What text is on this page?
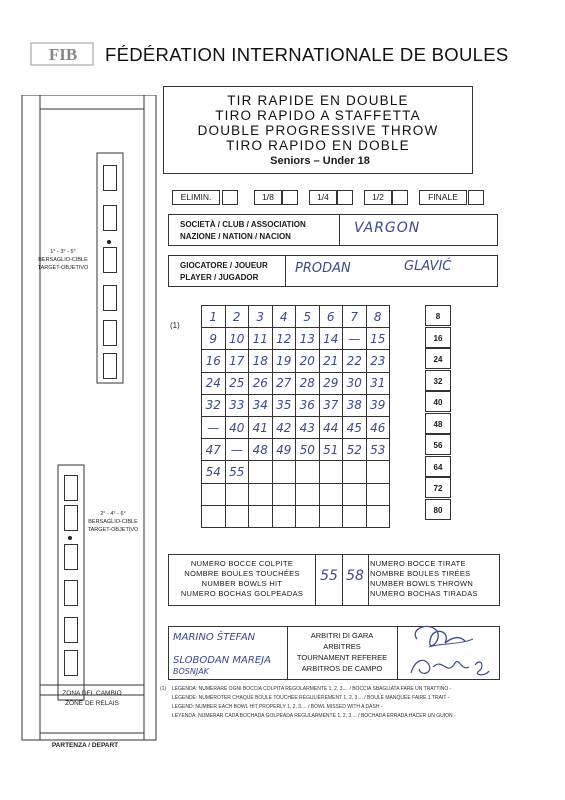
FIB FÉDÉRATION INTERNATIONALE DE BOULES
TIR RAPIDE EN DOUBLE
TIRO RAPIDO A STAFFETTA
DOUBLE PROGRESSIVE THROW
TIRO RAPIDO EN DOBLE
Seniors – Under 18
ELIMIN.	1/8	1/4	1/2	FINALE
SOCIETÀ / CLUB / ASSOCIATION
NAZIONE / NATION / NACION
VARGON
GIOCATORE / JOUEUR
PLAYER / JUGADOR
PRODAN	GLAVIĆ
(1)
1	2	3	4	5	6	7	8
9	10	11	12	13	14	—	15
16	17	18	19	20	21	22	23
24	25	26	27	28	29	30	31
32	33	34	35	36	37	38	39
—	40	41	42	43	44	45	46
47	—	48	49	50	51	52	53
54	55						

8
16
24
32
40
48
56
64
72
80
NUMERO BOCCE COLPITE
NOMBRE BOULES TOUCHÉES
NUMBER BOWLS HIT
NUMERO BOCHAS GOLPEADAS
55 58
NUMERO BOCCE TIRATE
NOMBRE BOULES TIRÉES
NUMBER BOWLS THROWN
NUMERO BOCHAS TIRADAS
MARINO ŠTEFAN
SLOBODAN MAREJA
BOSNJAK
ARBITRI DI GARA
ARBITRES
TOURNAMENT REFEREE
ARBITROS DE CAMPO
(1) LEGENDA: NUMERARE OGNI BOCCIA COLPITA REGOLARMENTE 1, 2, 3.... / BOCCIA SBAGLIATA FARE UN TRATTINO -
LÉGENDE: NUMÉROTER CHAQUE BOULE TOUCHÉE RÉGULIÈREMENT 1, 2, 3.... / BOULE MANQUÉE FAIRE 1 TRAIT -
LEGEND: NUMBER EACH BOWL HIT PROPERLY 1, 2, 3.... / BOWL MISSED WITH A DASH -
LEYENDA: NUMERAR CADA BOCHADA GOLPEADA REGULARMENTE 1, 2, 3.... / BOCHADA ERRADA HACER UN GUION -
1° - 3° - 5°
BERSAGLIO-CIBLE
TARGET-OBJETIVO
2° - 4° - 6°
BERSAGLIO-CIBLE
TARGET-OBJETIVO
ZONA DEL CAMBIO
ZONE DE RELAIS
PARTENZA / DEPART
